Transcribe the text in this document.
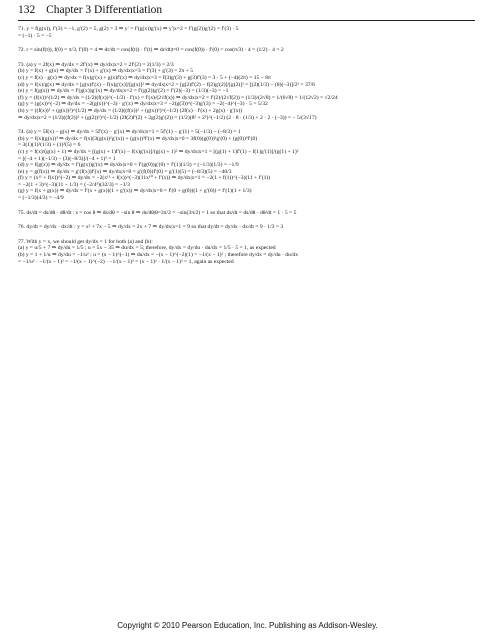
132 Chapter 3 Differentiation
71. y = f(g(x)), f′(3) = −1, g′(2) = 5, g(2) = 3 ⇒ y′ = f′(g(x))g′(x) ⇒ y′|x=2 = f′(g(2))g′(2) = f′(3) · 5
= (−1) · 5 = −5
72. r = sin(f(t)), f(0) = π/3, f′(0) = 4 ⇒ dr/dt = cos(f(t)) · f′(t) ⇒ dr/dt|t=0 = cos(f(0)) · f′(0) = cos(π/3) · 4 = (1/2) · 4 = 2
73. (a) y = 2f(x) ⇒ dy/dx = 2f′(x) ⇒ dy/dx|x=2 = 2f′(2) = 2(1/3) = 2/3
(b) y = f(x) + g(x) ⇒ dy/dx = f′(x) + g′(x) ⇒ dy/dx|x=3 = f′(3) + g′(3) = 2π + 5
(c) y = f(x) · g(x) ⇒ dy/dx = f(x)g′(x) + g(x)f′(x) ⇒ dy/dx|x=3 = f(3)g′(3) + g(3)f′(3) = 3 · 5 + (−4)(2π) = 15 − 8π
(d) y = f(x)/g(x) ⇒ dy/dx = [g(x)f′(x) − f(x)g′(x)]/[g(x)]² ⇒ dy/dx|x=2 = [g(2)f′(2) − f(2)g′(2)]/[g(2)]² = [(2)(1/3) − (8)(−3)]/2² = 37/6
(e) y = f(g(x)) ⇒ dy/dx = f′(g(x))g′(x) ⇒ dy/dx|x=2 = f′(g(2))g′(2) = f′(2)(−3) = (1/3)(−3) = −1
(f) y = (f(x))^(1/2) ⇒ dy/dx = (1/2)(f(x))^(−1/2) · f′(x) = f′(x)/(2√f(x)) ⇒ dy/dx|x=2 = f′(2)/(2√f(2)) = (1/3)/(2√8) = 1/(6√8) = 1/(12√2) = √2/24
(g) y = (g(x))^(−2) ⇒ dy/dx = −2(g(x))^(−3) · g′(x) ⇒ dy/dx|x=3 = −2(g(3))^(−3)g′(3) = −2(−4)^(−3) · 5 = 5/32
(h) y = ((f(x))² + (g(x))²)^(1/2) ⇒ dy/dx = (1/2)((f(x))² + (g(x))²)^(−1/2) (2f(x) · f′(x) + 2g(x) · g′(x))
⇒ dy/dx|x=2 = (1/2)((f(2))² + (g(2))²)^(−1/2) (2f(2)f′(2) + 2g(2)g′(2)) = (1/2)(8² + 2²)^(−1/2) (2 · 8 · (1/3) + 2 · 2 · (−3)) = − 5/(3√17)
74. (a) y = 5f(x) − g(x) ⇒ dy/dx = 5f′(x) − g′(x) ⇒ dy/dx|x=1 = 5f′(1) − g′(1) = 5(−1/3) − (−8/3) = 1
(b) y = f(x)(g(x))³ ⇒ dy/dx = f(x)(3(g(x))²g′(x)) + (g(x))³f′(x) ⇒ dy/dx|x=0 = 3f(0)(g(0))²g′(0) + (g(0))³f′(0)
= 3(1)(1)²(1/3) + (1)³(5) = 6
(c) y = f(x)/(g(x) + 1) ⇒ dy/dx = [(g(x) + 1)f′(x) − f(x)g′(x)]/(g(x) + 1)² ⇒ dy/dx|x=1 = [(g(1) + 1)f′(1) − f(1)g′(1)]/(g(1) + 1)²
= [(−4 + 1)(−1/3) − (3)(−8/3)]/(−4 + 1)² = 1
(d) y = f(g(x)) ⇒ dy/dx = f′(g(x))g′(x) ⇒ dy/dx|x=0 = f′(g(0))g′(0) = f′(1)(1/3) = (−1/3)(1/3) = −1/9
(e) y = g(f(x)) ⇒ dy/dx = g′(f(x))f′(x) ⇒ dy/dx|x=0 = g′(f(0))f′(0) = g′(1)(5) = (−8/3)(5) = −40/3
(f) y = (x¹¹ + f(x))^(−2) ⇒ dy/dx = −2(x¹¹ + f(x))^(−3)(11x¹⁰ + f′(x)) ⇒ dy/dx|x=1 = −2(1 + f(1))^(−3)(11 + f′(1))
= −2(1 + 3)^(−3)(11 − 1/3) = (−2/4³)(32/3) = −1/3
(g) y = f(x + g(x)) ⇒ dy/dx = f′(x + g(x))(1 + g′(x)) ⇒ dy/dx|x=0 = f′(0 + g(0))(1 + g′(0)) = f′(1)(1 + 1/3)
= (−1/3)(4/3) = −4/9
75. ds/dt = ds/dθ · dθ/dt : s = cos θ ⇒ ds/dθ = −sin θ ⇒ ds/dθ|θ=3π/2 = −sin(3π/2) = 1 so that ds/dt = ds/dθ · dθ/dt = 1 · 5 = 5
76. dy/dt = dy/dx · dx/dt : y = x² + 7x − 5 ⇒ dy/dx = 2x + 7 ⇒ dy/dx|x=1 = 9 so that dy/dt = dy/dx · dx/dt = 9 · 1/3 = 3
77. With y = x, we should get dy/dx = 1 for both (a) and (b):
(a) y = u/5 + 7 ⇒ dy/du = 1/5 ; u = 5x − 35 ⇒ du/dx = 5; therefore, dy/dx = dy/du · du/dx = 1/5 · 5 = 1, as expected
(b) y = 1 + 1/u ⇒ dy/du = −1/u² ; u = (x − 1)^(−1) ⇒ du/dx = −(x − 1)^(−2)(1) = −1/(x − 1)² ; therefore dy/dx = dy/du · du/dx
= −1/u² · −1/(x − 1)² = −1/(x − 1)^(−2) · −1/(x − 1)² = (x − 1)² · 1/(x − 1)² = 1, again as expected
Copyright © 2010 Pearson Education, Inc. Publishing as Addison-Wesley.
